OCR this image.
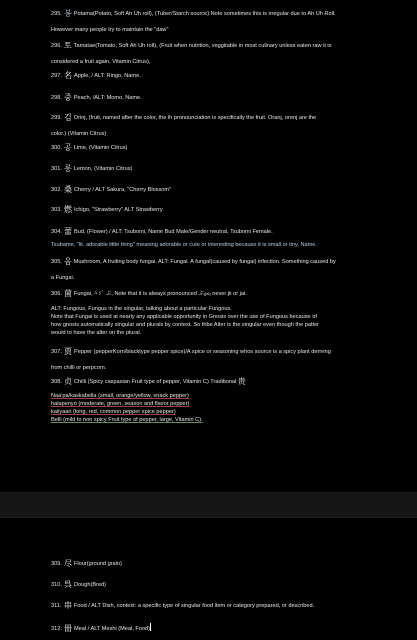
295. 봉 Potama(Potato, Soft Ah Uh roll), (Tuber/Starch source) Note sometimes this is irregular due to Ah Uh Roll.
However many people try to maintain the "daw"
296. 토 Tamatae(Tomato, Soft Ah Uh roll), (Fruit when nutrition, veggitable in most culinary unless eaten raw it is
considered a fruit again, Vitamin Citrus),
297. 名 Apple, / ALT: Ringo, Name.
298. 중 Peach, /ALT: Momo, Name.
299. 김 Orinj, (fruit, named after the color, the ih pronounciation is specifically the fruit. Oranj, orenj are the
color.) (Vitamin Citrus)
300. 공 Lime, (Vitamin Citrus)
301. 롱 Lemon, (Vitamin Citrus)
302. 桑 Cherry / ALT Sakura, "Cherry Blossom"
303. 燃 Ichigo, "Strawberry" ALT Strawberry
304. 蕾 Bud, (Flower) / ALT: Tsubomi, Name Bud Male/Gender neutral, Tsubomi Female.
Tsubame, "lit. adorable little thing" meaning adorable or cute or interesting because it is small or tiny, Name.
305. 음 Mushroom, A fruiting body fungai. ALT: Fungal. A fungal(caused by fungai) infection. Something caused by
a Fungai.
306. 菌 Fungai, ﾊ ｼﾞ ぶ, Note that it is always pronounced ぶ(jai) never jii or jai.
ALT: Fungous, Fungus in the singular, talking about a particular Fungous.
Note that Fungai is used at nearly any applicable opportunity in Gnosis over the use of Fungous because of
how gnosis automatically singular and plurals by context. So thbe Alter is the singular even though the patter
would to have the alter on the plural.
307. 贾 Pepper (pepperKorn/blacktype pepper spice)/A spice or seasoning whos source is a spicy plant deriving
from chilli or perpcorn.
308. 贞 Chilli (Spicy caspasian Fruit type of pepper, Vitamin C) Traditional 贵
Naa'pa/kaskabella (small, orange/yellow, snack pepper)
halapenyo (moderate, green, season and flavor pepper)
kaiiyaan (long, red, common pepper spice pepper)
Belli (mild to non spicy Fruit type of pepper, large, Vitamin C).
309. 尽 Flour(ground grain)
310. 呉 Dough(Bred)
311. 串 Food / ALT Dish, context: a specific type of singular food item or category prepared, or described.
312. 冊 Meal / ALT Meshi (Meal, Food)
